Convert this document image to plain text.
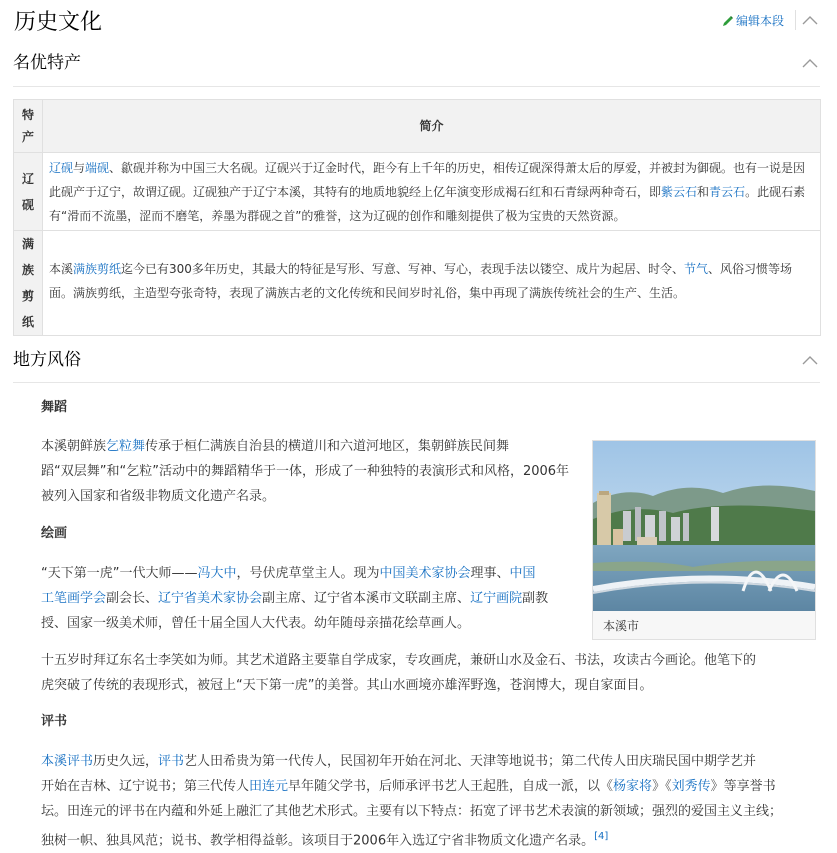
历史文化	编辑本段
名优特产
特产	简介

辽砚	辽砚与端砚、歙砚并称为中国三大名砚。辽砚兴于辽金时代，距今有上千年的历史，相传辽砚深得萧太后的厚爱，并被封为御砚。也有一说是因
此砚产于辽宁，故谓辽砚。辽砚独产于辽宁本溪，其特有的地质地貌经上亿年演变形成褐石红和石青绿两种奇石，即紫云石和青云石。此砚石素
有“滑而不流墨，涩而不磨笔，养墨为群砚之首”的雅誉，这为辽砚的创作和雕刻提供了极为宝贵的天然资源。

满族剪纸	本溪满族剪纸迄今已有300多年历史，其最大的特征是写形、写意、写神、写心，表现手法以镂空、成片为起居、时令、节气、风俗习惯等场
面。满族剪纸，主造型夸张奇特，表现了满族古老的文化传统和民间岁时礼俗，集中再现了满族传统社会的生产、生活。
地方风俗
舞蹈
本溪朝鲜族乞粒舞传承于桓仁满族自治县的横道川和六道河地区，集朝鲜族民间舞
蹈“双层舞”和“乞粒”活动中的舞蹈精华于一体，形成了一种独特的表演形式和风格，2006年
被列入国家和省级非物质文化遗产名录。
绘画
“天下第一虎”一代大师——冯大中，号伏虎草堂主人。现为中国美术家协会理事、中国
工笔画学会副会长、辽宁省美术家协会副主席、辽宁省本溪市文联副主席、辽宁画院副教
授、国家一级美术师，曾任十届全国人大代表。幼年随母亲描花绘草画人。
十五岁时拜辽东名士李笑如为师。其艺术道路主要靠自学成家，专攻画虎，兼研山水及金石、书法，攻读古今画论。他笔下的
虎突破了传统的表现形式，被冠上“天下第一虎”的美誉。其山水画境亦雄浑野逸，苍润博大，现自家面目。
评书
本溪评书历史久远，评书艺人田希贵为第一代传人，民国初年开始在河北、天津等地说书；第二代传人田庆瑞民国中期学艺并
开始在吉林、辽宁说书；第三代传人田连元早年随父学书，后师承评书艺人王起胜，自成一派，以《杨家将》《刘秀传》等享誉书
坛。田连元的评书在内蕴和外延上融汇了其他艺术形式。主要有以下特点：拓宽了评书艺术表演的新领域；强烈的爱国主义主线；
独树一帜、独具风范；说书、教学相得益彰。该项目于2006年入选辽宁省非物质文化遗产名录。[4]
本溪市
